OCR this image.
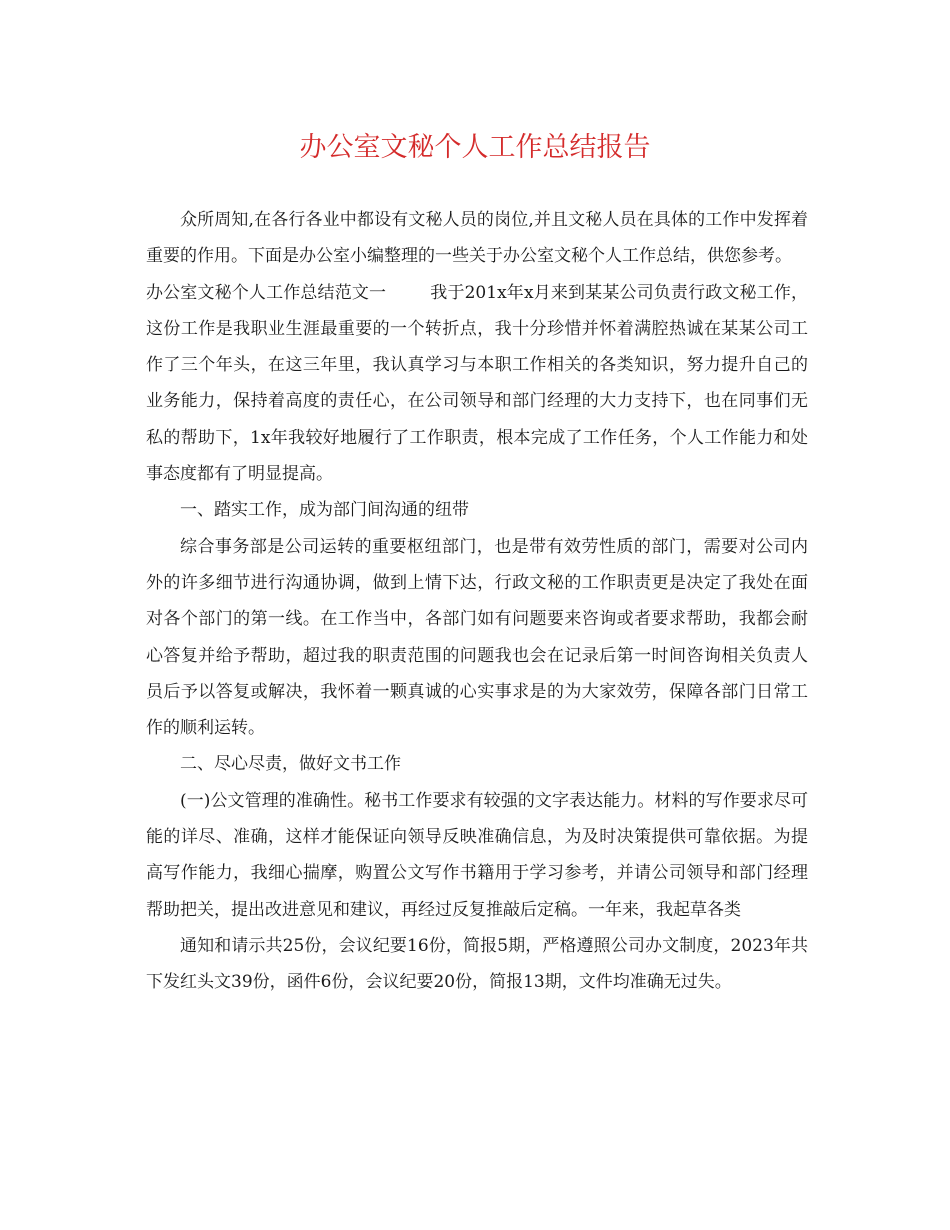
办公室文秘个人工作总结报告

众所周知,在各行各业中都设有文秘人员的岗位,并且文秘人员在具体的工作中发挥着重要的作用。下面是办公室小编整理的一些关于办公室文秘个人工作总结，供您参考。

办公室文秘个人工作总结范文一	我于201x年x月来到某某公司负责行政文秘工作，这份工作是我职业生涯最重要的一个转折点，我十分珍惜并怀着满腔热诚在某某公司工作了三个年头，在这三年里，我认真学习与本职工作相关的各类知识，努力提升自己的业务能力，保持着高度的责任心，在公司领导和部门经理的大力支持下，也在同事们无私的帮助下，1x年我较好地履行了工作职责，根本完成了工作任务，个人工作能力和处事态度都有了明显提高。

一、踏实工作，成为部门间沟通的纽带

综合事务部是公司运转的重要枢纽部门，也是带有效劳性质的部门，需要对公司内外的许多细节进行沟通协调，做到上情下达，行政文秘的工作职责更是决定了我处在面对各个部门的第一线。在工作当中，各部门如有问题要来咨询或者要求帮助，我都会耐心答复并给予帮助，超过我的职责范围的问题我也会在记录后第一时间咨询相关负责人员后予以答复或解决，我怀着一颗真诚的心实事求是的为大家效劳，保障各部门日常工作的顺利运转。

二、尽心尽责，做好文书工作

(一)公文管理的准确性。秘书工作要求有较强的文字表达能力。材料的写作要求尽可能的详尽、准确，这样才能保证向领导反映准确信息，为及时决策提供可靠依据。为提高写作能力，我细心揣摩，购置公文写作书籍用于学习参考，并请公司领导和部门经理帮助把关，提出改进意见和建议，再经过反复推敲后定稿。一年来，我起草各类

通知和请示共25份，会议纪要16份，简报5期，严格遵照公司办文制度，2023年共下发红头文39份，函件6份，会议纪要20份，简报13期，文件均准确无过失。
